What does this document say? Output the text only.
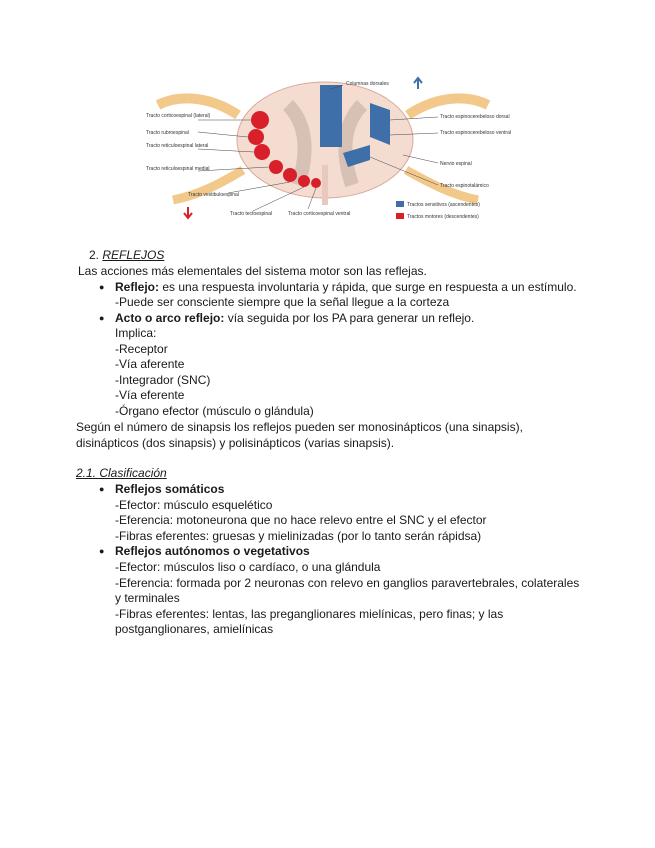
Tracto corticoespinal (lateral)
Tracto rubroespinal
Tracto reticuloespinal lateral
Tracto reticuloespinal medial
Tracto vestibuloespinal
Tracto tectoespinal	Tracto corticoespinal ventral
Columnas dorsales
Tracto espinocerebeloso dorsal
Tracto espinocerebeloso ventral
Nervio espinal
Tracto espinotalámico
Tractos sensitivos (ascendentes)
Tractos motores (descendentes)
2. REFLEJOS
Las acciones más elementales del sistema motor son las reflejas.
● Reflejo: es una respuesta involuntaria y rápida, que surge en respuesta a un estímulo.
-Puede ser consciente siempre que la señal llegue a la corteza
● Acto o arco reflejo: vía seguida por los PA para generar un reflejo.
Implica:
-Receptor
-Vía aferente
-Integrador (SNC)
-Vía eferente
-Órgano efector (músculo o glándula)
Según el número de sinapsis los reflejos pueden ser monosinápticos (una sinapsis),
disinápticos (dos sinapsis) y polisinápticos (varias sinapsis).
2.1. Clasificación
● Reflejos somáticos
-Efector: músculo esquelético
-Eferencia: motoneurona que no hace relevo entre el SNC y el efector
-Fibras eferentes: gruesas y mielinizadas (por lo tanto serán rápidsa)
● Reflejos autónomos o vegetativos
-Efector: músculos liso o cardíaco, o una glándula
-Eferencia: formada por 2 neuronas con relevo en ganglios paravertebrales, colaterales
y terminales
-Fibras eferentes: lentas, las preganglionares mielínicas, pero finas; y las
postganglionares, amielínicas
